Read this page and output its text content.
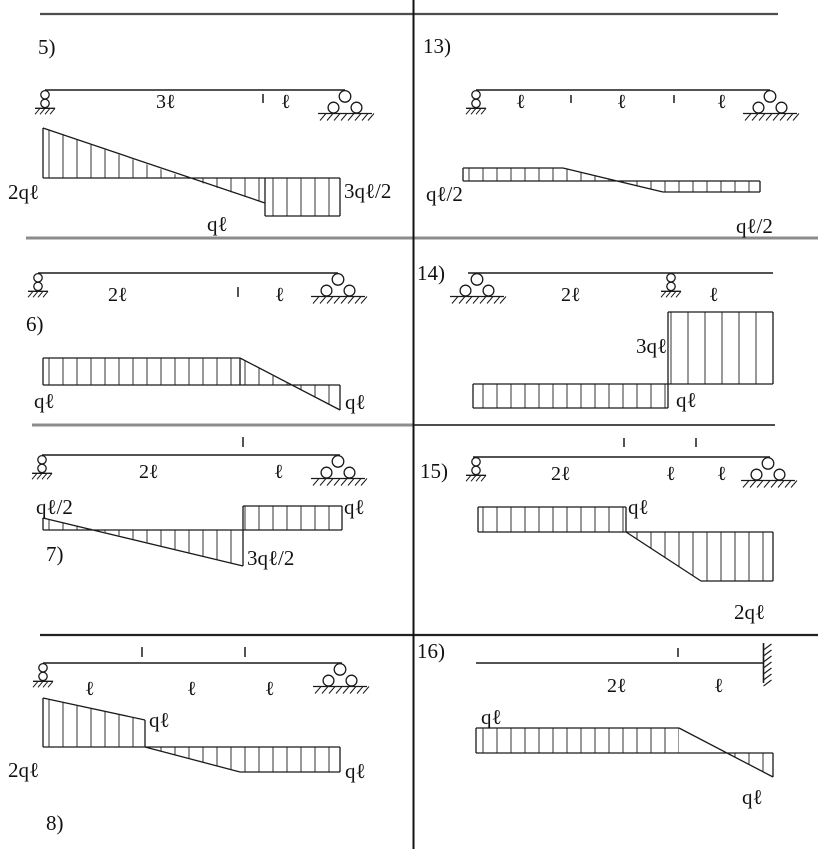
5)
3ℓ	ℓ
2qℓ
qℓ
3qℓ/2
2ℓ	ℓ
6)
qℓ	qℓ
2ℓ	ℓ
qℓ/2
3qℓ/2
qℓ
7)
ℓ	ℓ	ℓ
2qℓ
qℓ
qℓ
8)
13)
ℓ	ℓ	ℓ
qℓ/2
qℓ/2
14)
2ℓ	ℓ
3qℓ
qℓ
15)	2ℓ	ℓ ℓ
qℓ
2qℓ
16)
2ℓ	ℓ
qℓ
qℓ
